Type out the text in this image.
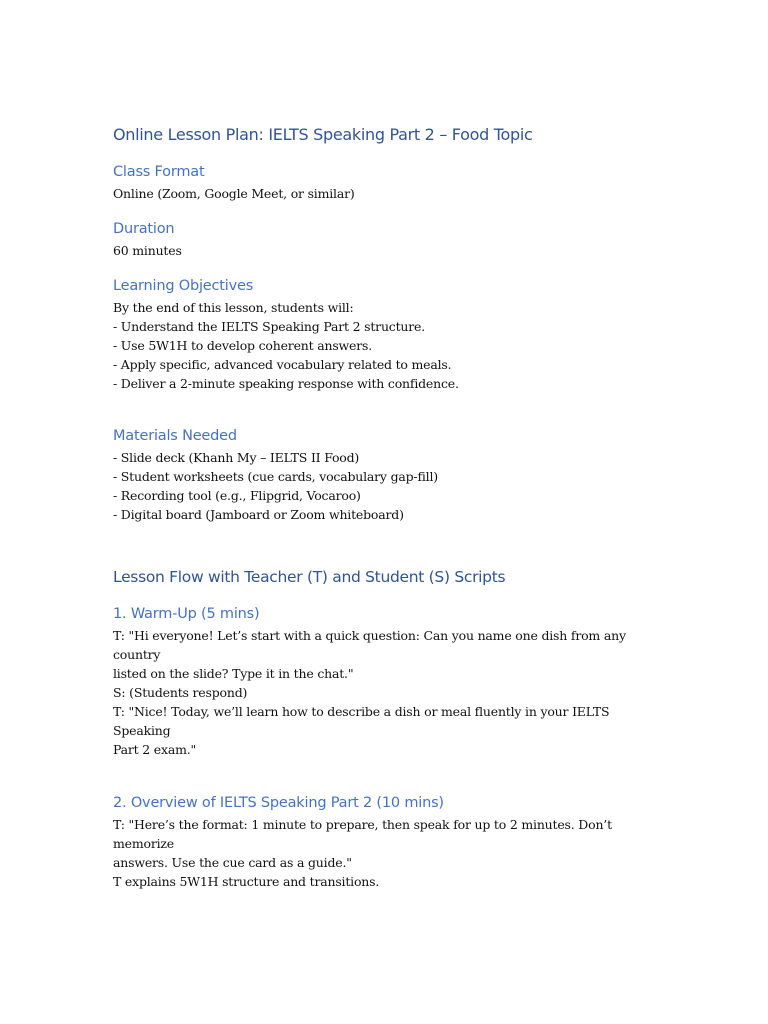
Online Lesson Plan: IELTS Speaking Part 2 – Food Topic
Class Format

Online (Zoom, Google Meet, or similar)

Duration

60 minutes

Learning Objectives

By the end of this lesson, students will:
- Understand the IELTS Speaking Part 2 structure.
- Use 5W1H to develop coherent answers.
- Apply specific, advanced vocabulary related to meals.
- Deliver a 2-minute speaking response with confidence.

Materials Needed

- Slide deck (Khanh My – IELTS II Food)
- Student worksheets (cue cards, vocabulary gap-fill)
- Recording tool (e.g., Flipgrid, Vocaroo)
- Digital board (Jamboard or Zoom whiteboard)

Lesson Flow with Teacher (T) and Student (S) Scripts
1. Warm-Up (5 mins)

T: "Hi everyone! Let’s start with a quick question: Can you name one dish from any country
listed on the slide? Type it in the chat."
S: (Students respond)
T: "Nice! Today, we’ll learn how to describe a dish or meal fluently in your IELTS Speaking
Part 2 exam."

2. Overview of IELTS Speaking Part 2 (10 mins)

T: "Here’s the format: 1 minute to prepare, then speak for up to 2 minutes. Don’t memorize
answers. Use the cue card as a guide."
T explains 5W1H structure and transitions.
